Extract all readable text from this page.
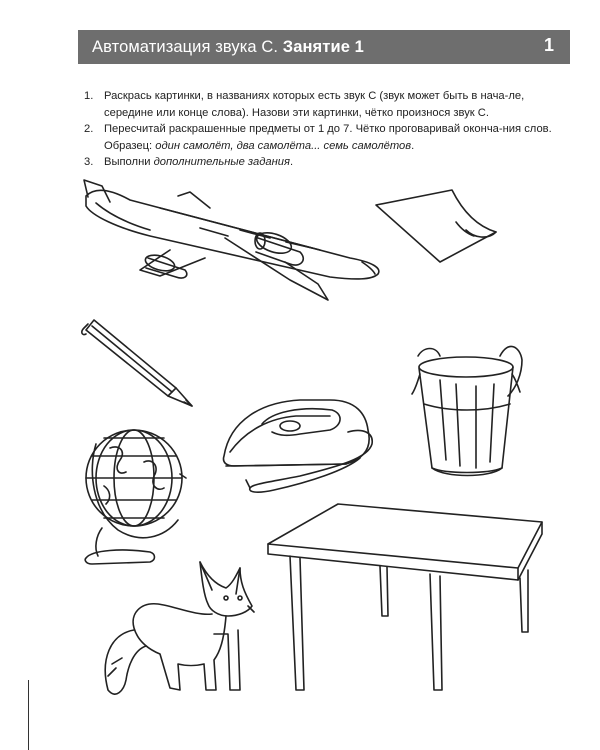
Автоматизация звука С. Занятие 1	1
1. Раскрась картинки, в названиях которых есть звук С (звук может быть в нача-ле, середине или конце слова). Назови эти картинки, чётко произнося звук С.
2. Пересчитай раскрашенные предметы от 1 до 7. Чётко проговаривай оконча-ния слов. Образец: один самолёт, два самолёта... семь самолётов.
3. Выполни дополнительные задания.
